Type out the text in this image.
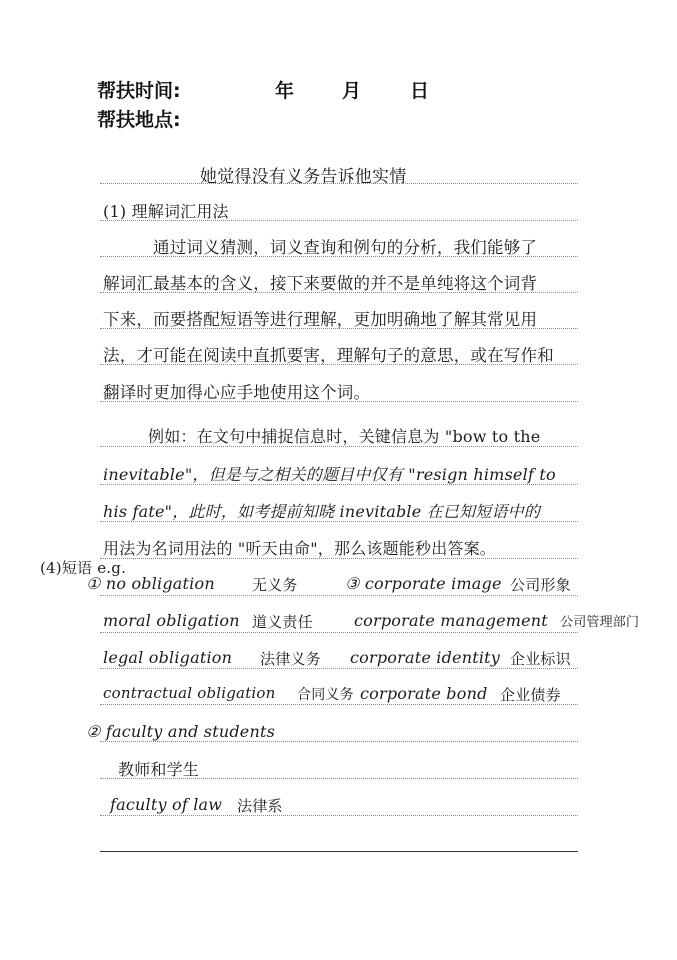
帮扶时间:	年	月	日
帮扶地点:
她觉得没有义务告诉他实情
(1) 理解词汇用法
通过词义猜测，词义查询和例句的分析，我们能够了
解词汇最基本的含义，接下来要做的并不是单纯将这个词背
下来，而要搭配短语等进行理解，更加明确地了解其常见用
法，才可能在阅读中直抓要害，理解句子的意思，或在写作和
翻译时更加得心应手地使用这个词。
例如：在文句中捕捉信息时，关键信息为 "bow to the
inevitable"，但是与之相关的题目中仅有 "resign himself to
his fate"，此时，如考提前知晓 inevitable 在已知短语中的
用法为名词用法的 "听天由命"，那么该题能秒出答案。
(4)短语 e.g.
① no obligation 无义务	③ corporate image 公司形象
moral obligation 道义责任	corporate management 公司管理部门
legal obligation 法律义务 corporate identity 企业标识
contractual obligation 合同义务 corporate bond 企业债券
② faculty and students
教师和学生
faculty of law 法律系
